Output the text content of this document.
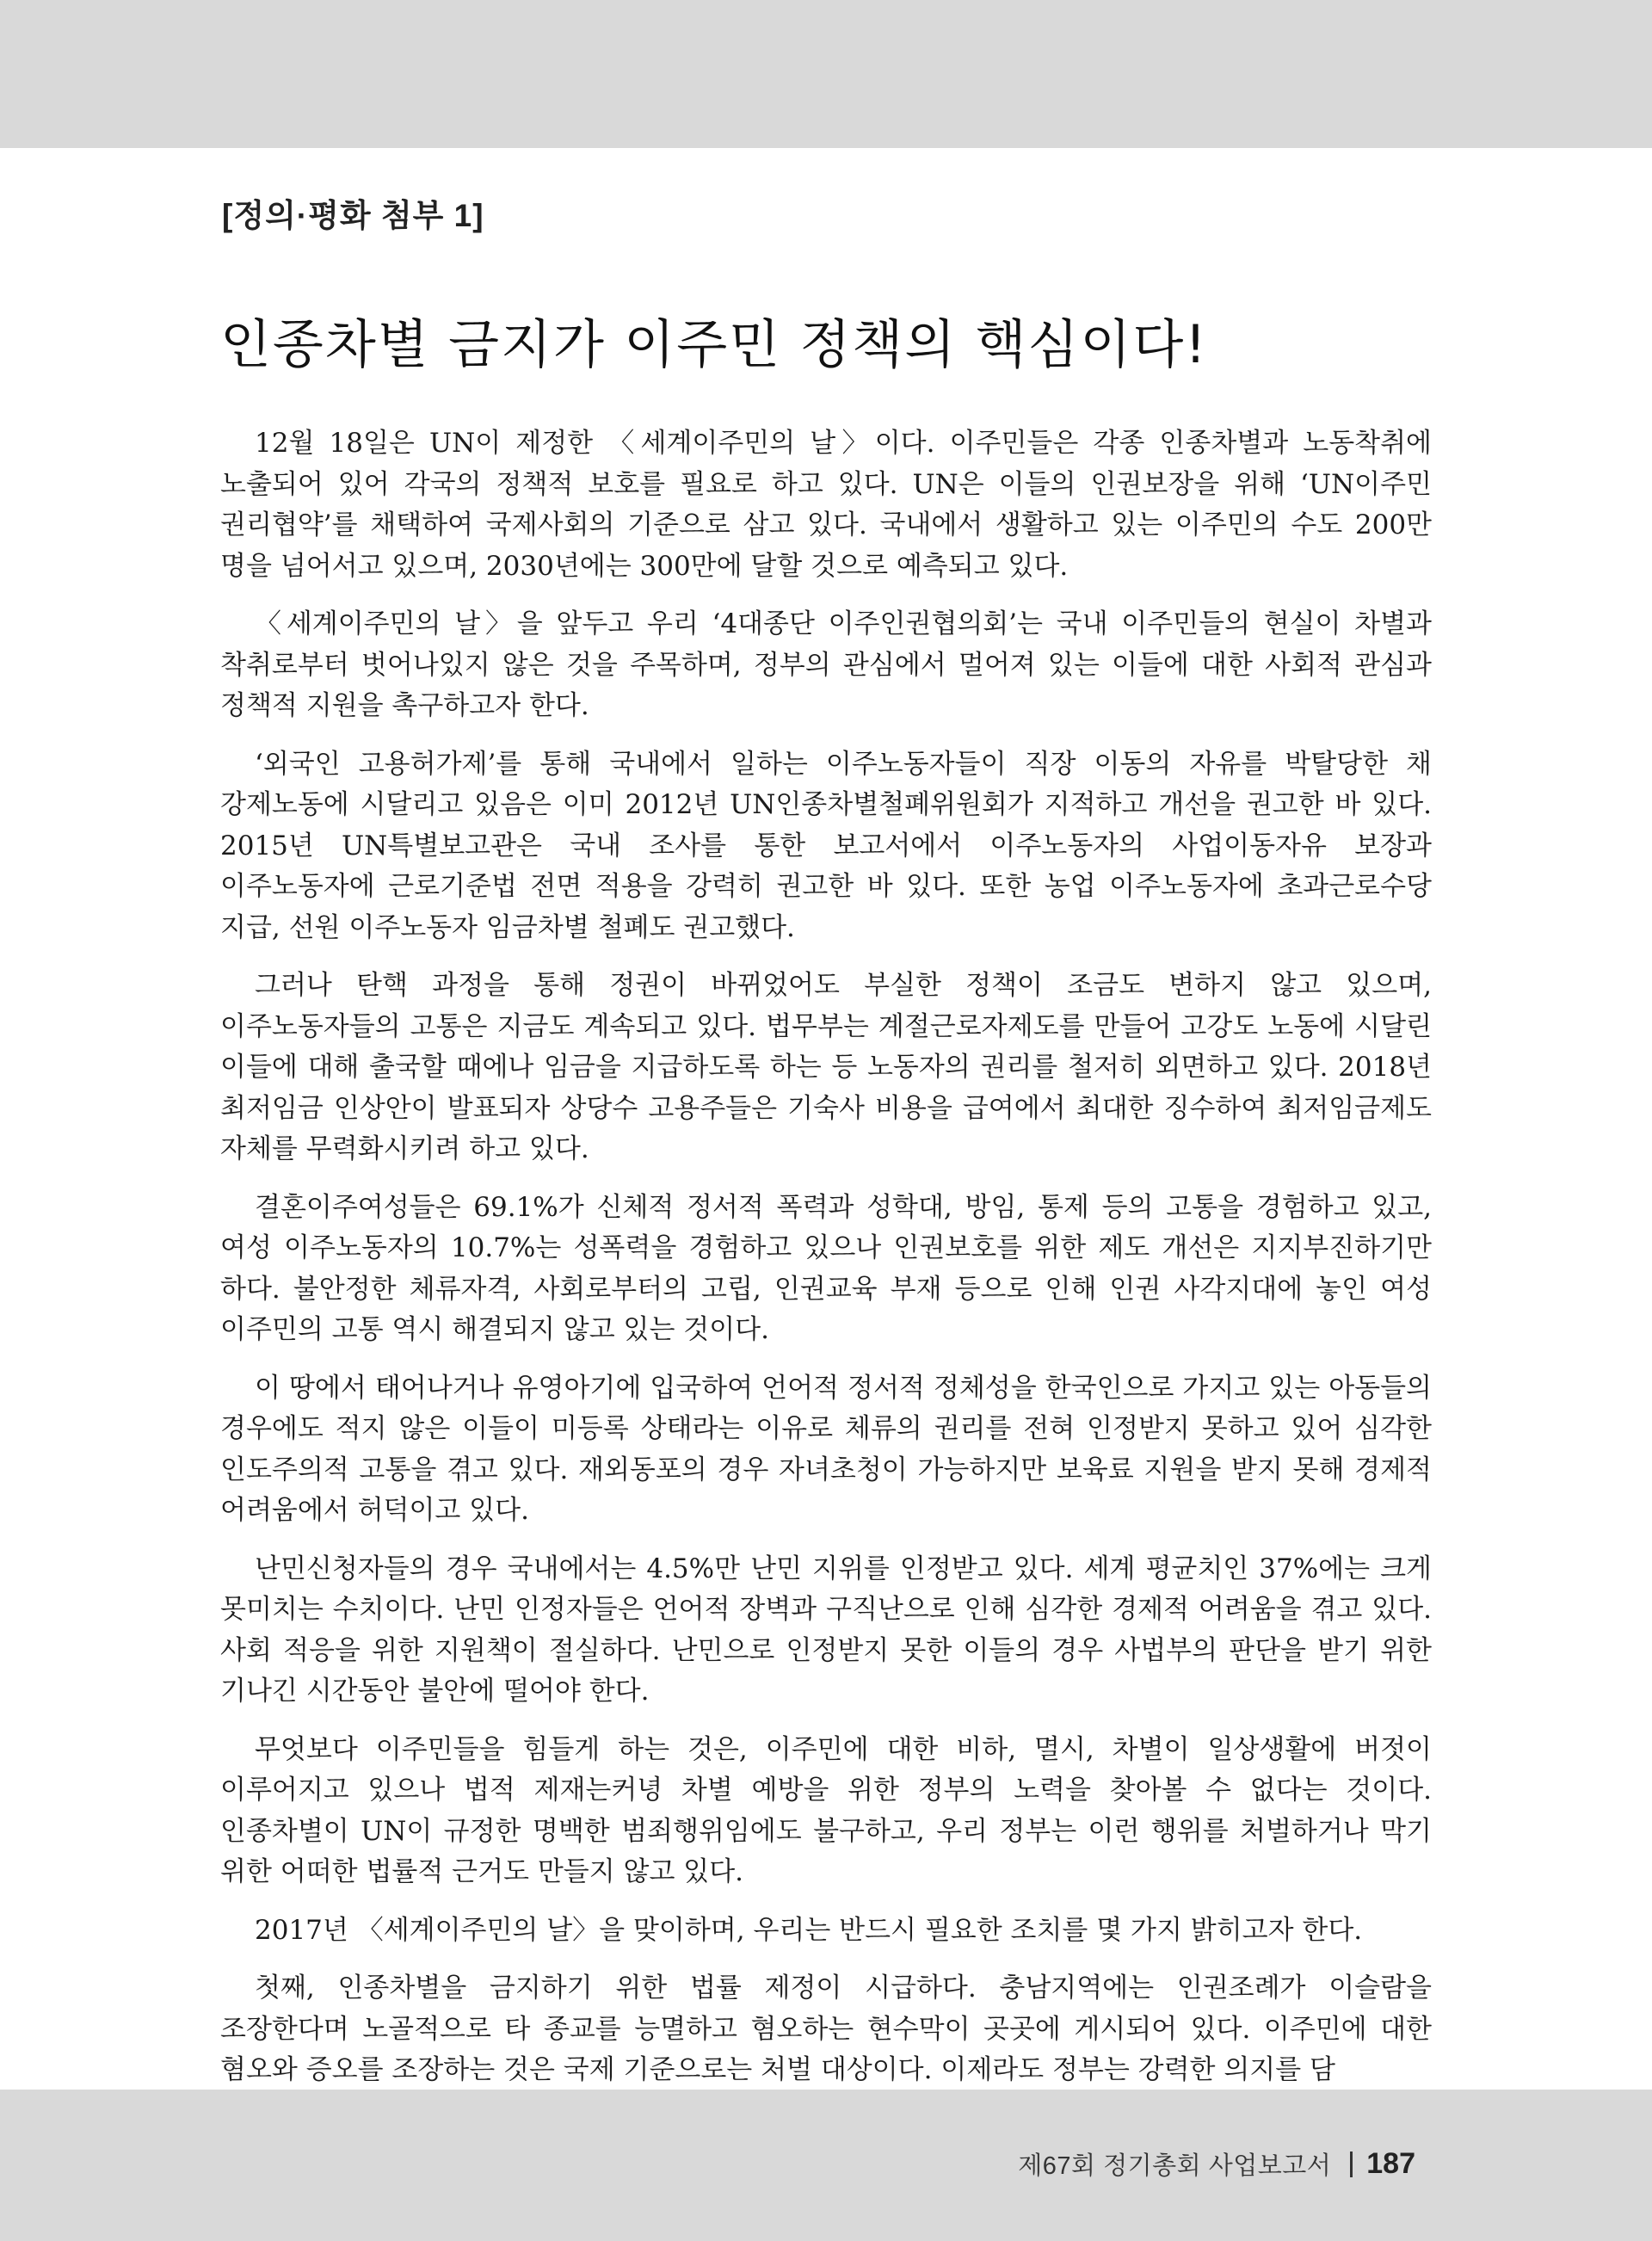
[정의·평화 첨부 1]
인종차별 금지가 이주민 정책의 핵심이다!

12월 18일은 UN이 제정한 〈세계이주민의 날〉이다. 이주민들은 각종 인종차별과 노동착취에 노출되어 있어 각국의 정책적 보호를 필요로 하고 있다. UN은 이들의 인권보장을 위해 ‘UN이주민 권리협약’를 채택하여 국제사회의 기준으로 삼고 있다. 국내에서 생활하고 있는 이주민의 수도 200만 명을 넘어서고 있으며, 2030년에는 300만에 달할 것으로 예측되고 있다.

〈세계이주민의 날〉을 앞두고 우리 ‘4대종단 이주인권협의회’는 국내 이주민들의 현실이 차별과 착취로부터 벗어나있지 않은 것을 주목하며, 정부의 관심에서 멀어져 있는 이들에 대한 사회적 관심과 정책적 지원을 촉구하고자 한다.

‘외국인 고용허가제’를 통해 국내에서 일하는 이주노동자들이 직장 이동의 자유를 박탈당한 채 강제노동에 시달리고 있음은 이미 2012년 UN인종차별철폐위원회가 지적하고 개선을 권고한 바 있다. 2015년 UN특별보고관은 국내 조사를 통한 보고서에서 이주노동자의 사업이동자유 보장과 이주노동자에 근로기준법 전면 적용을 강력히 권고한 바 있다. 또한 농업 이주노동자에 초과근로수당 지급, 선원 이주노동자 임금차별 철폐도 권고했다.

그러나 탄핵 과정을 통해 정권이 바뀌었어도 부실한 정책이 조금도 변하지 않고 있으며, 이주노동자들의 고통은 지금도 계속되고 있다. 법무부는 계절근로자제도를 만들어 고강도 노동에 시달린 이들에 대해 출국할 때에나 임금을 지급하도록 하는 등 노동자의 권리를 철저히 외면하고 있다. 2018년 최저임금 인상안이 발표되자 상당수 고용주들은 기숙사 비용을 급여에서 최대한 징수하여 최저임금제도 자체를 무력화시키려 하고 있다.

결혼이주여성들은 69.1%가 신체적 정서적 폭력과 성학대, 방임, 통제 등의 고통을 경험하고 있고, 여성 이주노동자의 10.7%는 성폭력을 경험하고 있으나 인권보호를 위한 제도 개선은 지지부진하기만 하다. 불안정한 체류자격, 사회로부터의 고립, 인권교육 부재 등으로 인해 인권 사각지대에 놓인 여성 이주민의 고통 역시 해결되지 않고 있는 것이다.

이 땅에서 태어나거나 유영아기에 입국하여 언어적 정서적 정체성을 한국인으로 가지고 있는 아동들의 경우에도 적지 않은 이들이 미등록 상태라는 이유로 체류의 권리를 전혀 인정받지 못하고 있어 심각한 인도주의적 고통을 겪고 있다. 재외동포의 경우 자녀초청이 가능하지만 보육료 지원을 받지 못해 경제적 어려움에서 허덕이고 있다.

난민신청자들의 경우 국내에서는 4.5%만 난민 지위를 인정받고 있다. 세계 평균치인 37%에는 크게 못미치는 수치이다. 난민 인정자들은 언어적 장벽과 구직난으로 인해 심각한 경제적 어려움을 겪고 있다. 사회 적응을 위한 지원책이 절실하다. 난민으로 인정받지 못한 이들의 경우 사법부의 판단을 받기 위한 기나긴 시간동안 불안에 떨어야 한다.

무엇보다 이주민들을 힘들게 하는 것은, 이주민에 대한 비하, 멸시, 차별이 일상생활에 버젓이 이루어지고 있으나 법적 제재는커녕 차별 예방을 위한 정부의 노력을 찾아볼 수 없다는 것이다. 인종차별이 UN이 규정한 명백한 범죄행위임에도 불구하고, 우리 정부는 이런 행위를 처벌하거나 막기 위한 어떠한 법률적 근거도 만들지 않고 있다.

2017년 〈세계이주민의 날〉을 맞이하며, 우리는 반드시 필요한 조치를 몇 가지 밝히고자 한다.

첫째, 인종차별을 금지하기 위한 법률 제정이 시급하다. 충남지역에는 인권조례가 이슬람을 조장한다며 노골적으로 타 종교를 능멸하고 혐오하는 현수막이 곳곳에 게시되어 있다. 이주민에 대한 혐오와 증오를 조장하는 것은 국제 기준으로는 처벌 대상이다. 이제라도 정부는 강력한 의지를 담

제67회 정기총회 사업보고서 187
